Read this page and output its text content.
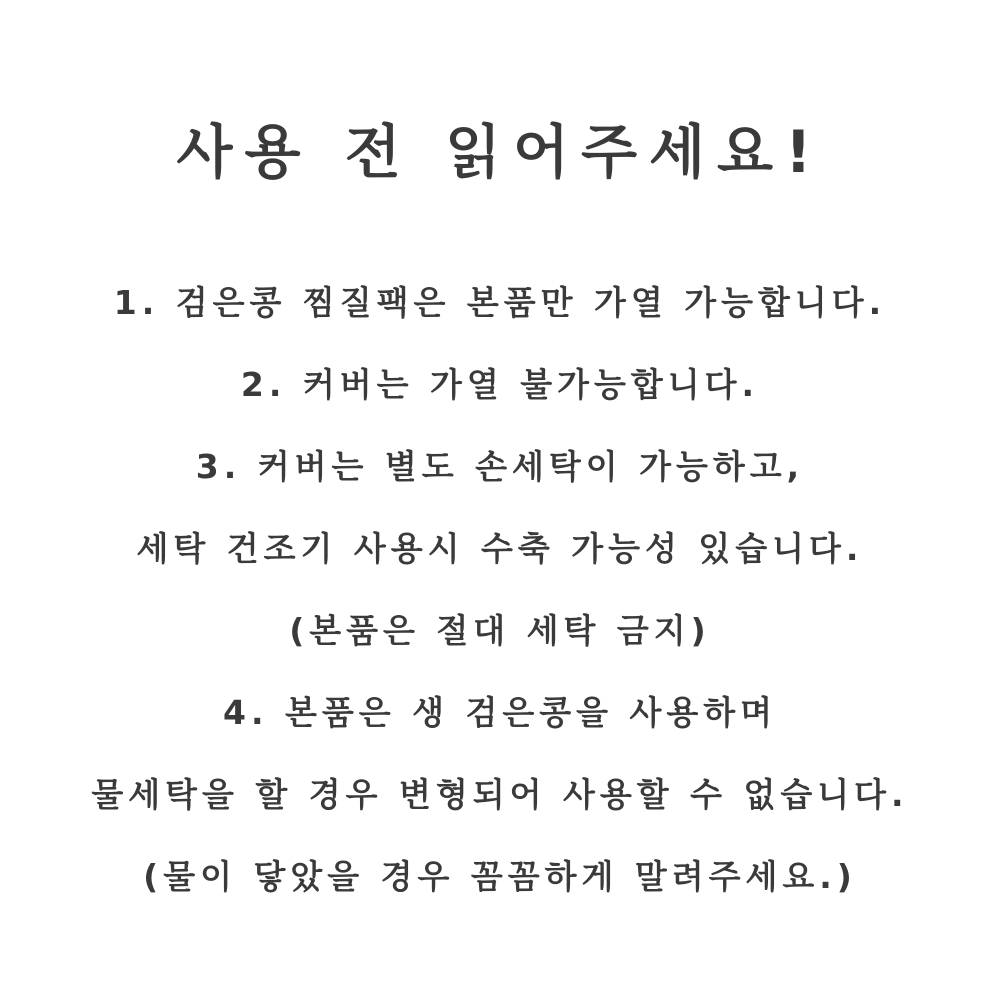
사용 전 읽어주세요!
1. 검은콩 찜질팩은 본품만 가열 가능합니다.
2. 커버는 가열 불가능합니다.
3. 커버는 별도 손세탁이 가능하고,
세탁 건조기 사용시 수축 가능성 있습니다.
(본품은 절대 세탁 금지)
4. 본품은 생 검은콩을 사용하며
물세탁을 할 경우 변형되어 사용할 수 없습니다.
(물이 닿았을 경우 꼼꼼하게 말려주세요.)
